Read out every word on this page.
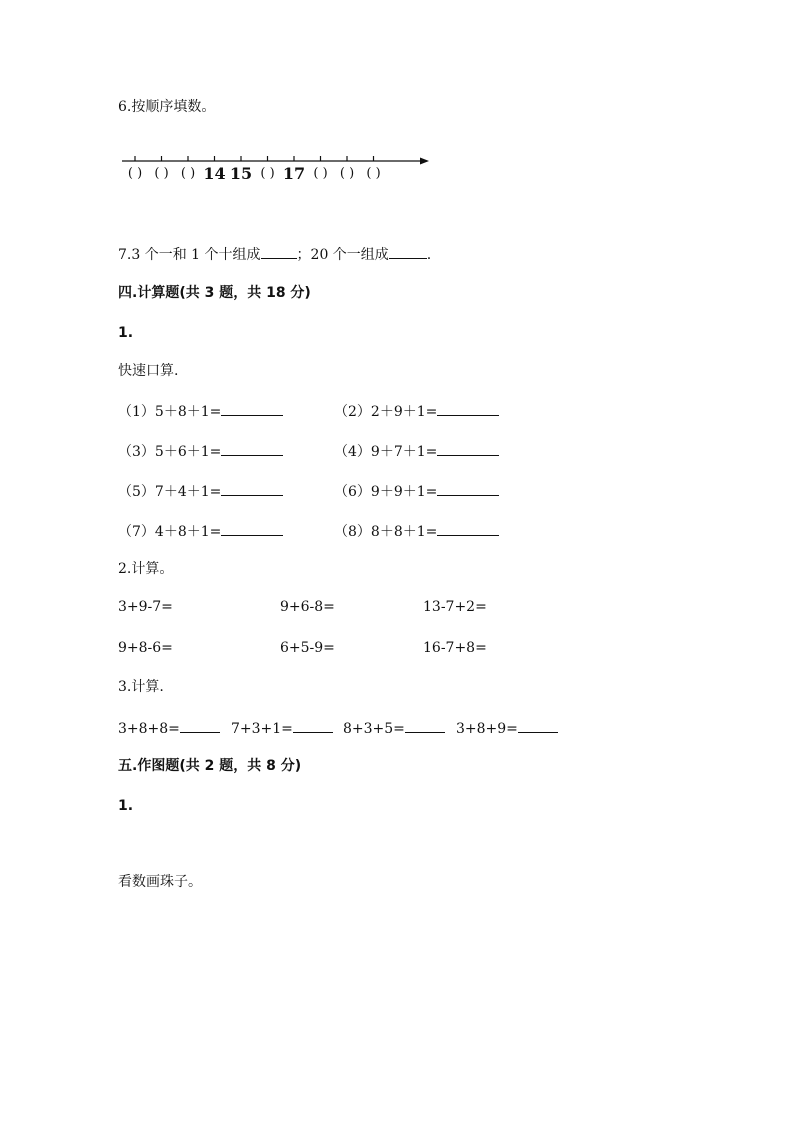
6.按顺序填数。
( ) ( ) ( ) 14 15 ( ) 17 ( ) ( ) ( )
7.3 个一和 1 个十组成	；20 个一组成	.
四.计算题(共 3 题，共 18 分)
1.
快速口算.
（1）5＋8＋1=	（2）2＋9＋1=
（3）5＋6＋1=	（4）9＋7＋1=
（5）7＋4＋1=	（6）9＋9＋1=
（7）4＋8＋1=	（8）8＋8＋1=
2.计算。
3+9-7=	9+6-8=	13-7+2=
9+8-6=	6+5-9=	16-7+8=
3.计算.
3+8+8=	7+3+1=	8+3+5=	3+8+9=
五.作图题(共 2 题，共 8 分)
1.
看数画珠子。
